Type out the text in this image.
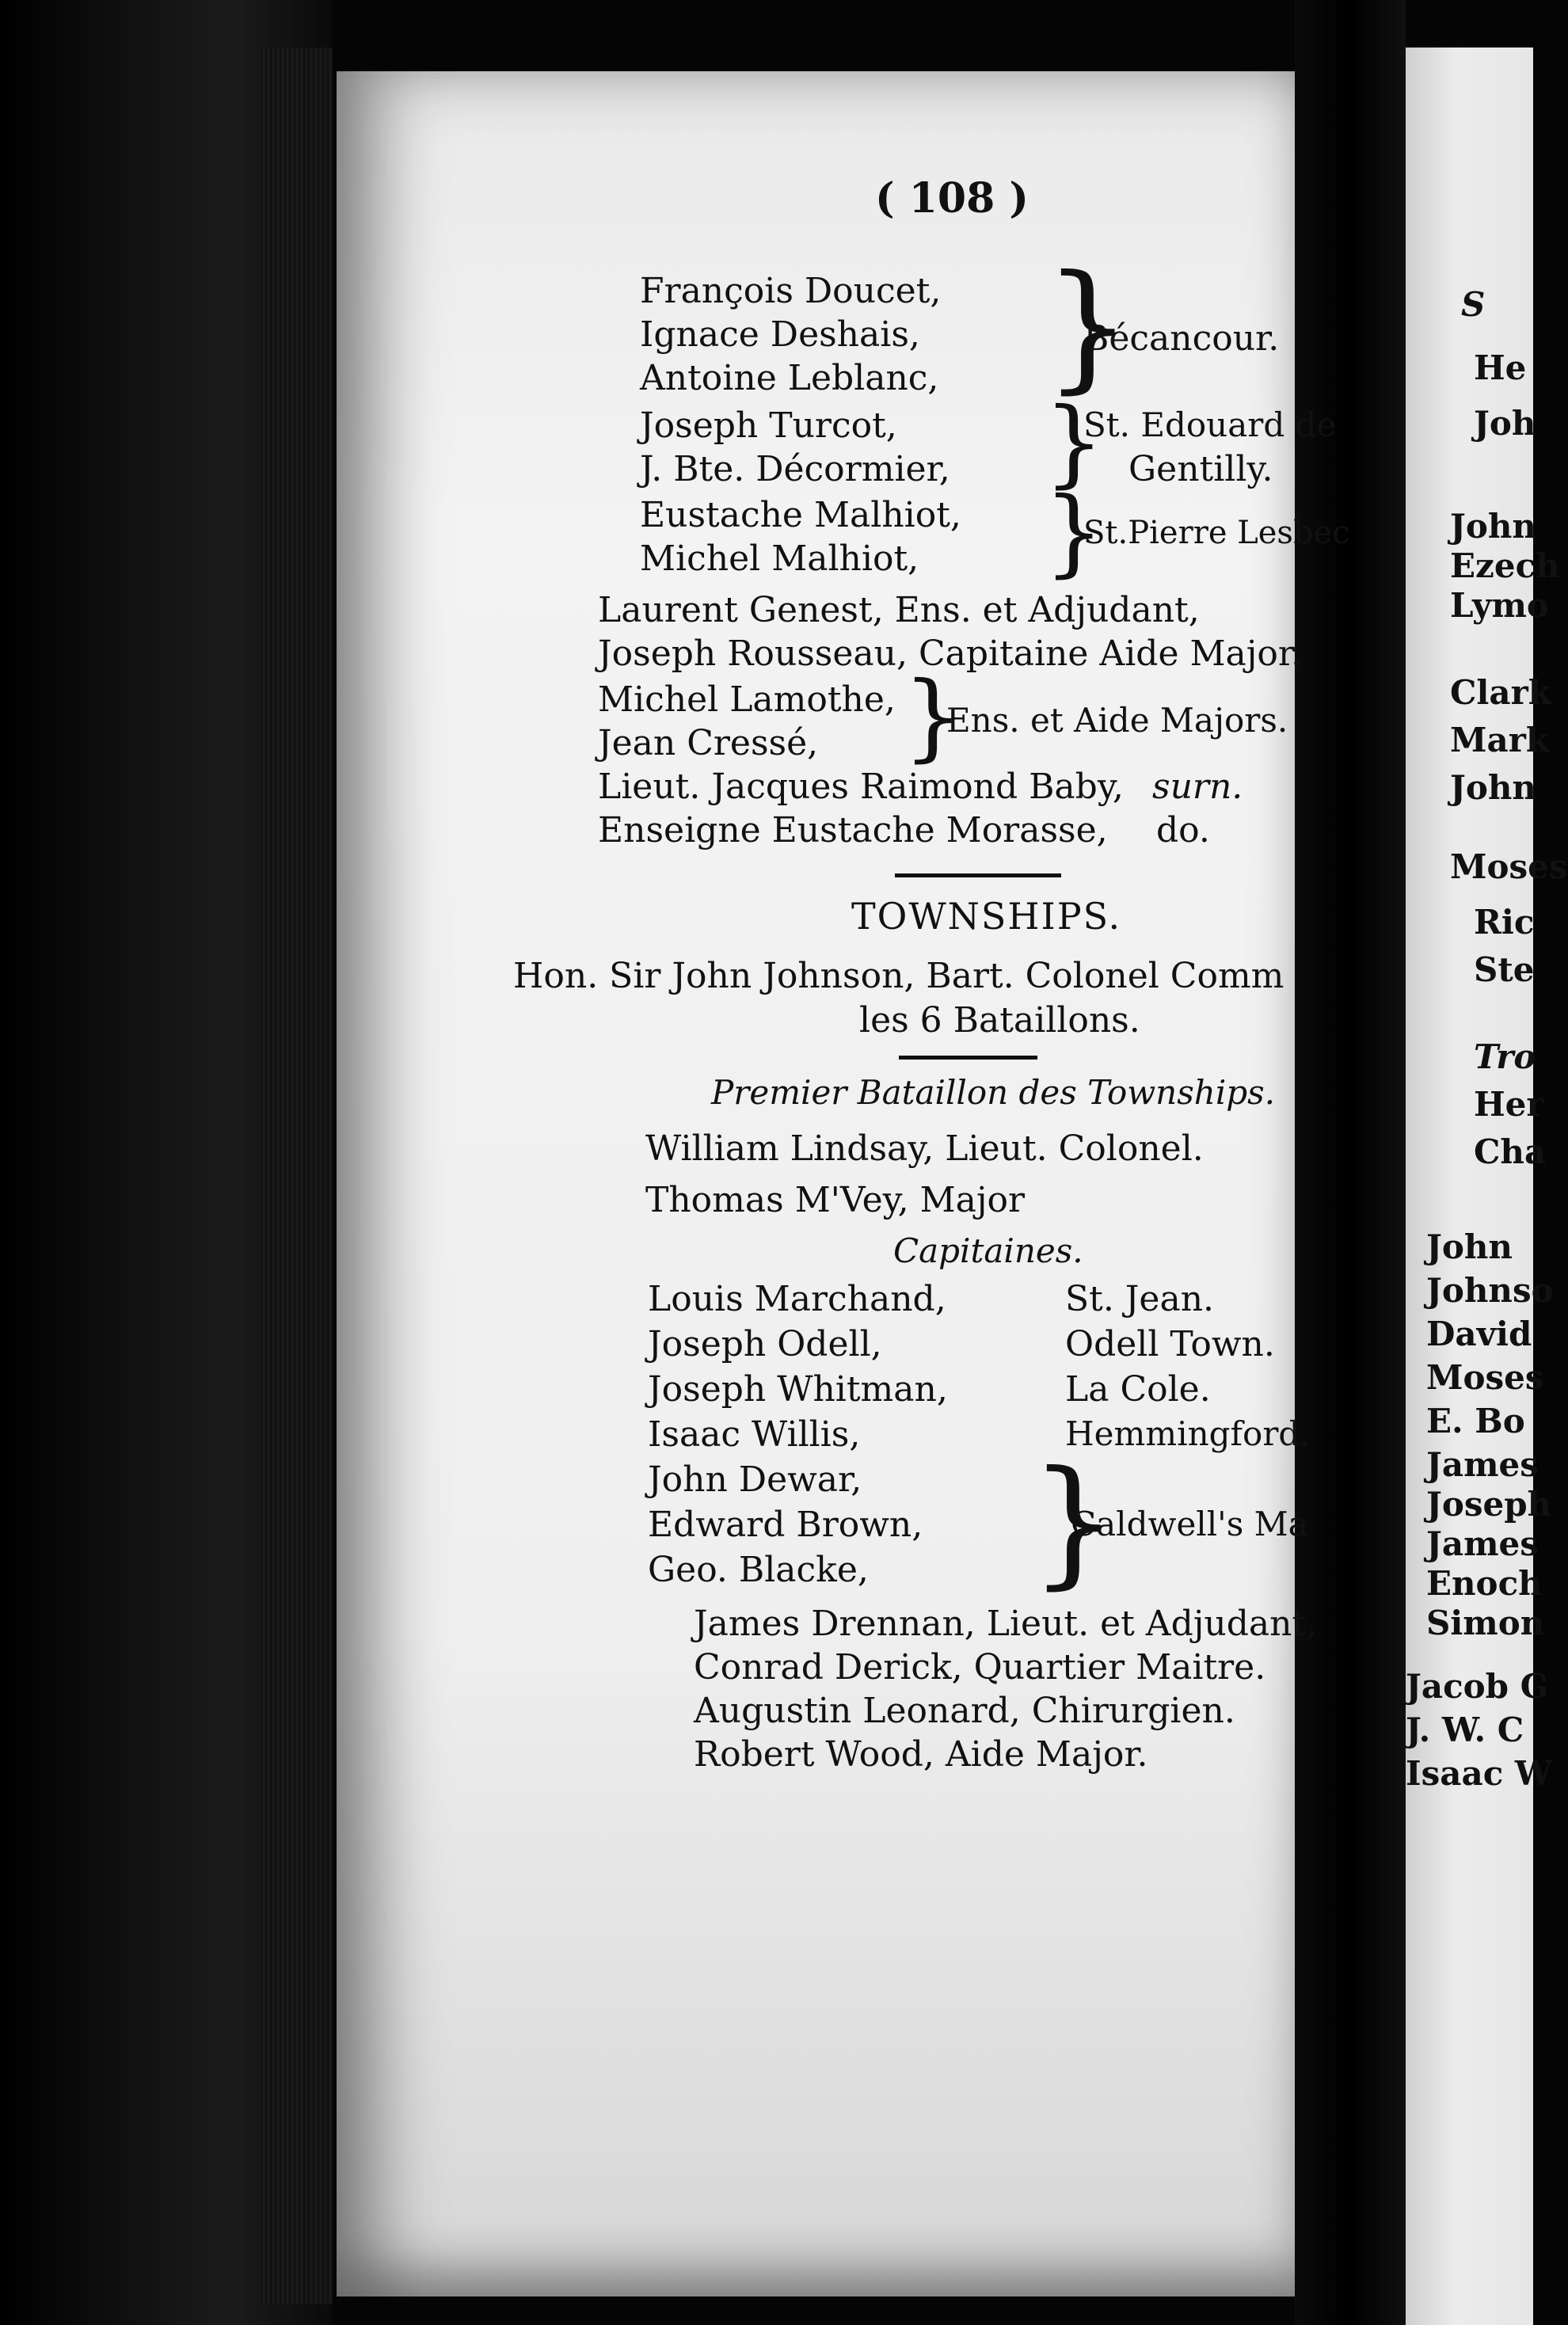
S
He
Joh
John
Ezech
Lymo
Clark
Mark
John
Moses
Ric
Ste
Tro
Her
Cha
John
Johnso
David
Moses
E. Bo
James
Joseph
James
Enoch
Simon
Jacob G
J. W. C
Isaac W
( 108 )
François Doucet,
Ignace Deshais,
Antoine Leblanc, }
Bécancour.
Joseph Turcot,
J. Bte. Décormier, }
St. Edouard de
Gentilly.
Eustache Malhiot,
Michel Malhiot, }
St.Pierre Lesbec
Laurent Genest, Ens. et Adjudant,
Joseph Rousseau, Capitaine Aide Major.
Michel Lamothe,
Jean Cressé, }
Ens. et Aide Majors.
Lieut. Jacques Raimond Baby, surn.
Enseigne Eustache Morasse, do.
TOWNSHIPS.
Hon. Sir John Johnson, Bart. Colonel Comm
les 6 Bataillons.
Premier Bataillon des Townships.
William Lindsay, Lieut. Colonel.
Thomas M'Vey, Major
Capitaines.
Louis Marchand,	St. Jean.
Joseph Odell,	Odell Town.
Joseph Whitman,	La Cole.
Isaac Willis,	Hemmingford.
John Dewar,
Edward Brown,
Geo. Blacke, }
Caldwell's Ma
James Drennan, Lieut. et Adjudant,
Conrad Derick, Quartier Maitre.
Augustin Leonard, Chirurgien.
Robert Wood, Aide Major.
